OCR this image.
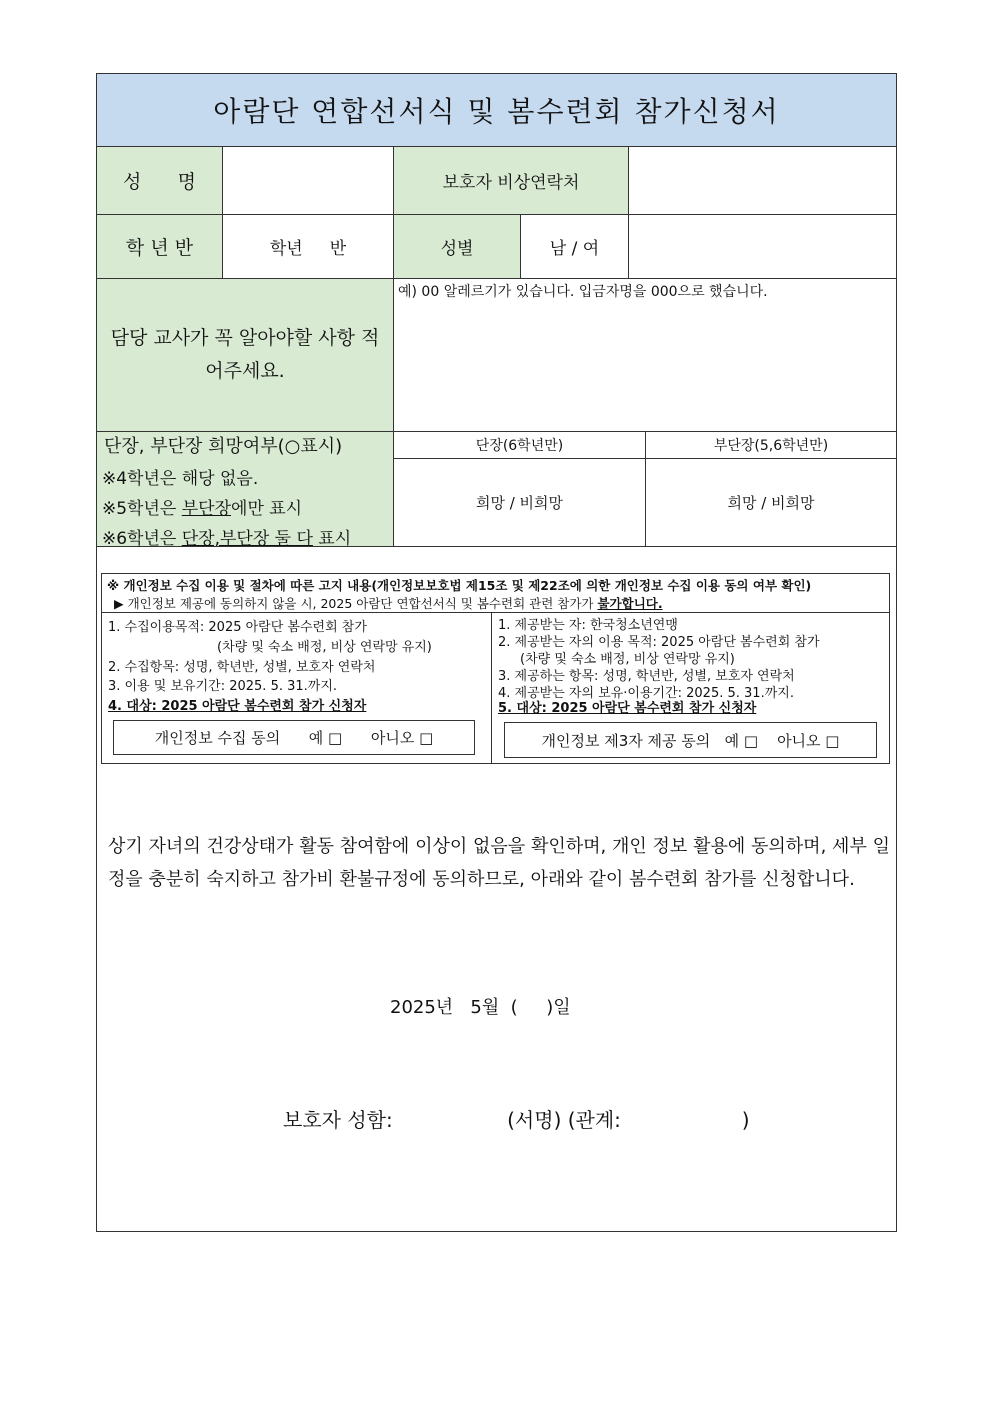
아람단 연합선서식 및 봄수련회 참가신청서
성      명	보호자 비상연락처
학 년 반	학년     반	성별	남 / 여
담당 교사가 꼭 알아야할 사항 적어주세요.
예) 00 알레르기가 있습니다. 입금자명을 000으로 했습니다.
단장, 부단장 희망여부(○표시)
※4학년은 해당 없음.
※5학년은 부단장에만 표시
※6학년은 단장,부단장 둘 다 표시
단장(6학년만)	부단장(5,6학년만)
희망 / 비희망	희망 / 비희망
※ 개인정보 수집 이용 및 절차에 따른 고지 내용(개인정보보호법 제15조 및 제22조에 의한 개인정보 수집 이용 동의 여부 확인)
▶ 개인정보 제공에 동의하지 않을 시, 2025 아람단 연합선서식 및 봄수련회 관련 참가가 불가합니다.
1. 수집이용목적: 2025 아람단 봄수련회 참가
(차량 및 숙소 배정, 비상 연락망 유지)
2. 수집항목: 성명, 학년반, 성별, 보호자 연락처
3. 이용 및 보유기간: 2025. 5. 31.까지.
4. 대상: 2025 아람단 봄수련회 참가 신청자
1. 제공받는 자: 한국청소년연맹
2. 제공받는 자의 이용 목적: 2025 아람단 봄수련회 참가
(차량 및 숙소 배정, 비상 연락망 유지)
3. 제공하는 항목: 성명, 학년반, 성별, 보호자 연락처
4. 제공받는 자의 보유·이용기간: 2025. 5. 31.까지.
5. 대상: 2025 아람단 봄수련회 참가 신청자
개인정보 수집 동의      예 □      아니오 □	개인정보 제3자 제공 동의   예 □    아니오 □
상기 자녀의 건강상태가 활동 참여함에 이상이 없음을 확인하며, 개인 정보 활용에 동의하며, 세부 일정을 충분히 숙지하고 참가비 환불규정에 동의하므로, 아래와 같이 봄수련회 참가를 신청합니다.
2025년   5월  (     )일
보호자 성함:                  (서명) (관계:                   )
